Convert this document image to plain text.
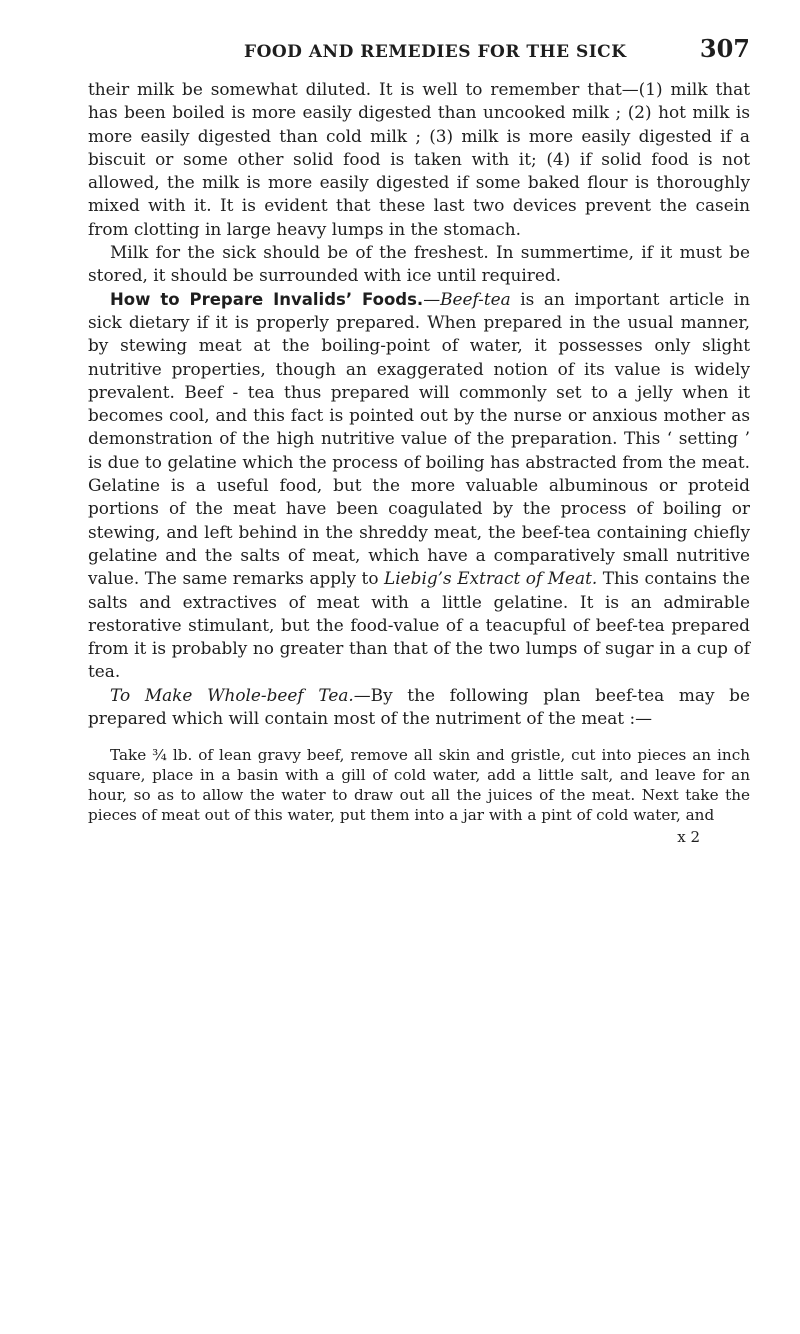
FOOD AND REMEDIES FOR THE SICK	307

their milk be somewhat diluted. It is well to remember that—(1) milk that has been boiled is more easily digested than uncooked milk ; (2) hot milk is more easily digested than cold milk ; (3) milk is more easily digested if a biscuit or some other solid food is taken with it; (4) if solid food is not allowed, the milk is more easily digested if some baked flour is thoroughly mixed with it. It is evident that these last two devices prevent the casein from clotting in large heavy lumps in the stomach.

Milk for the sick should be of the freshest. In summertime, if it must be stored, it should be surrounded with ice until required.

How to Prepare Invalids’ Foods.—Beef-tea is an important article in sick dietary if it is properly prepared. When prepared in the usual manner, by stewing meat at the boiling-point of water, it possesses only slight nutritive properties, though an exaggerated notion of its value is widely prevalent. Beef - tea thus prepared will commonly set to a jelly when it becomes cool, and this fact is pointed out by the nurse or anxious mother as demonstration of the high nutritive value of the preparation. This ‘ setting ’ is due to gelatine which the process of boiling has abstracted from the meat. Gelatine is a useful food, but the more valuable albuminous or proteid portions of the meat have been coagulated by the process of boiling or stewing, and left behind in the shreddy meat, the beef-tea containing chiefly gelatine and the salts of meat, which have a comparatively small nutritive value. The same remarks apply to Liebig’s Extract of Meat. This contains the salts and extractives of meat with a little gelatine. It is an admirable restorative stimulant, but the food-value of a teacupful of beef-tea prepared from it is probably no greater than that of the two lumps of sugar in a cup of tea.

To Make Whole-beef Tea.—By the following plan beef-tea may be prepared which will contain most of the nutriment of the meat :—

Take ¾ lb. of lean gravy beef, remove all skin and gristle, cut into pieces an inch square, place in a basin with a gill of cold water, add a little salt, and leave for an hour, so as to allow the water to draw out all the juices of the meat. Next take the pieces of meat out of this water, put them into a jar with a pint of cold water, and
x 2
